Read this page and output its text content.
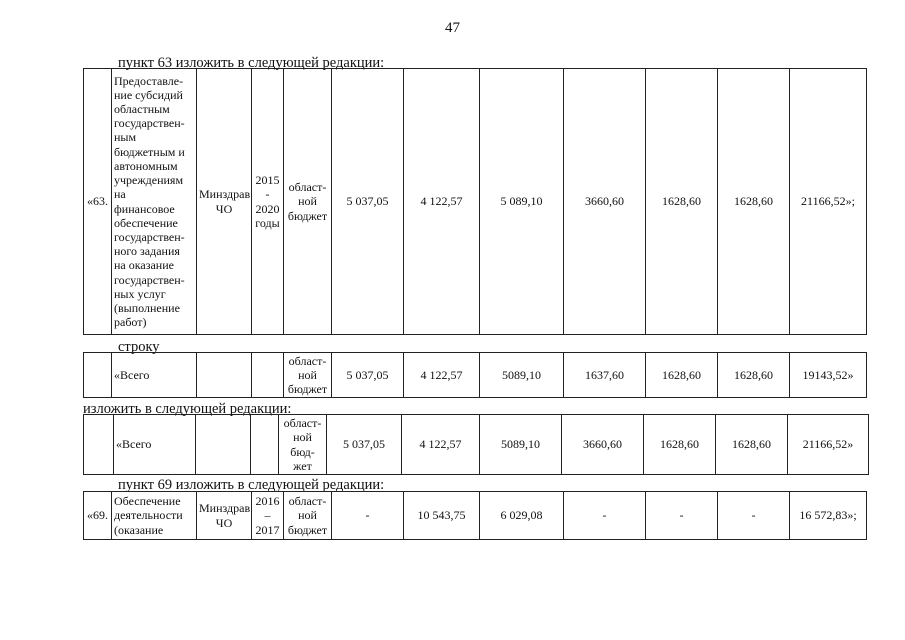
47
пункт 63 изложить в следующей редакции:
«63.	Предоставле-
ние субсидий
областным
государствен-
ным
бюджетным и
автономным
учреждениям
на
финансовое
обеспечение
государствен-
ного задания
на оказание
государствен-
ных услуг
(выполнение
работ)	Минздрав
ЧО	2015
-
2020
годы	област-
ной
бюджет	5 037,05	4 122,57	5 089,10	3660,60	1628,60	1628,60	21166,52»;
строку
	«Всего			област-
ной
бюджет	5 037,05	4 122,57	5089,10	1637,60	1628,60	1628,60	19143,52»
изложить в следующей редакции:
	«Всего			област-
ной
бюд-
жет	5 037,05	4 122,57	5089,10	3660,60	1628,60	1628,60	21166,52»
пункт 69 изложить в следующей редакции:
«69.	Обеспечение
деятельности
(оказание	Минздрав
ЧО	2016
–
2017	област-
ной
бюджет	-	10 543,75	6 029,08	-	-	-	16 572,83»;
